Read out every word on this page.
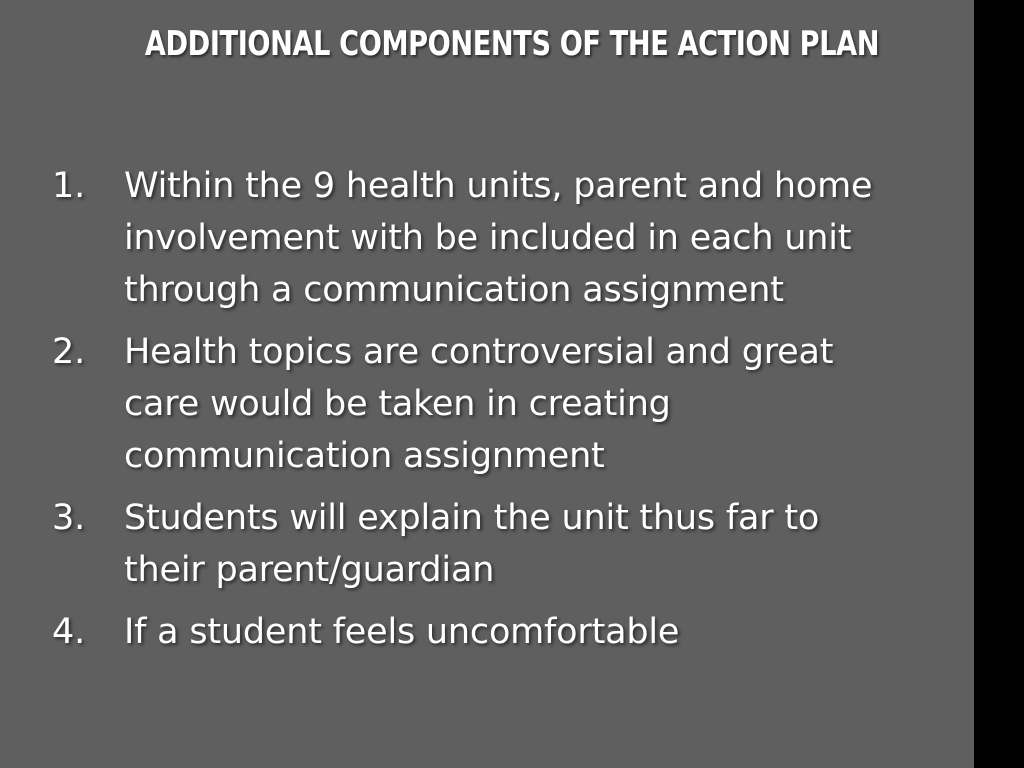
ADDITIONAL COMPONENTS OF THE ACTION PLAN
1. Within the 9 health units, parent and home involvement with be included in each unit through a communication assignment
2. Health topics are controversial and great care would be taken in creating communication assignment
3. Students will explain the unit thus far to their parent/guardian
4. If a student feels uncomfortable
